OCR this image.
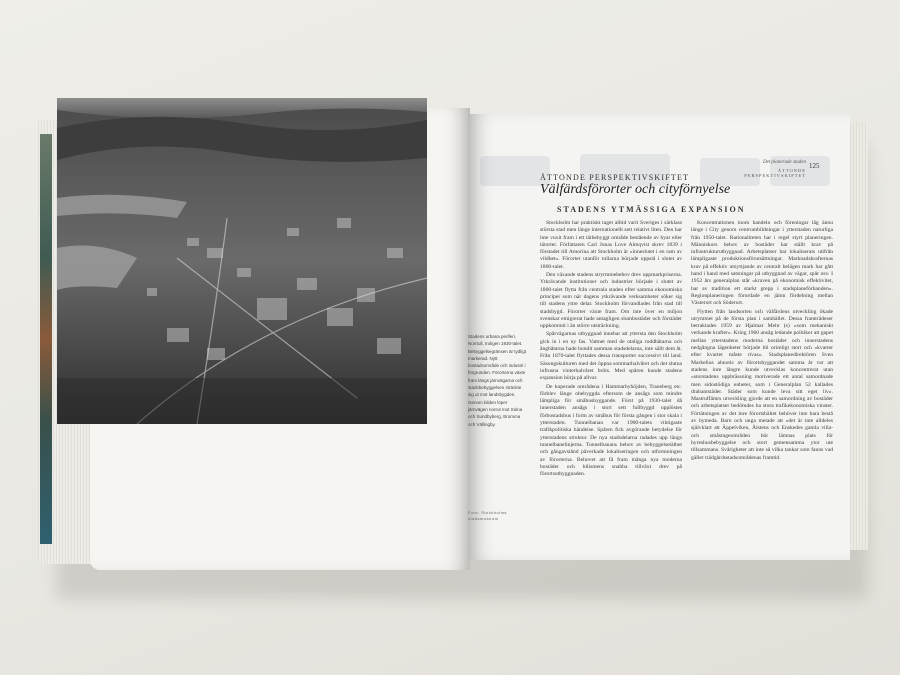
Stadens urbana periferi, Norrtull, troligen 1930-talet. Bebyggelsegränsen är tydligt markerad. Nytt bostadsområde och industri i förgrunden. Förorterna växte fram längs järnvägarna och stadsbebyggelsen sträckte sig ut mot landsbygden. Genom bilden löper järnvägen norrut mot Solna och Sundbyberg, Bromma och Vällingby.
Foto: Stockholms stadsmuseum
Det planerade staden
ÅTTONDE PERSPEKTIVSKIFTET
125
ÅTTONDE PERSPEKTIVSKIFTET
Välfärdsförorter och cityförnyelse
STADENS YTMÄSSIGA EXPANSION

Stockholm har praktiskt taget alltid varit Sveriges i särklass största stad men länge internationellt sett relativt liten. Den har inte vuxit fram i ett tätbebyggt område bestående av byar eller tätorter. Författaren Carl Jonas Love Almqvist skrev 1839 i förstadet till Amorina att Stockholm är »inneslutet i en ram av vildhet». Förorter utanför tullarna började uppstå i slutet av 1800-talet.

Den växande stadens stryrmmebehov drev uppmarkpriserna. Ytkrävande institutioner och industrier började i slutet av 1800-talet flytta från centrala staden efter samma ekonomiska principer som när dagens ytkrävande verksamheter söker sig till stadens yttre delar. Stockholm förvandlades från stad till stadsbygd. Förorter växte fram. Om inte över en miljon svenskar emigrerat hade antagligen slumbostäder och förstäder uppkommit i än större utsträckning.

Spårvägarnas utbyggnad innebar att yttersta den Stockholm gick in i en ny fas. Vattnet med de otaliga roddbåtarna och ångbåtarna hade bundit samman stadsdelarna, inte sällt dem åt. Från 1870-talet flyttades dessa transporter successivt till land. Säsongskulturen med det öppna sommarhalvåret och det slutna infrusna vinterhalvåret bröts. Med spåren kunde stadens expansion börja på allvar.

De kuperade områdena i Hammarbyhöjden, Traneberg etc. förblev länge obebyggda eftersom de ansågs som mindre lämpliga för småhusbyggande. Först på 1930-talet då innerstaden ansågs i stort sett fullbyggd upplöstes förbostadsbus i form av småhus för första gången i stor skala i ytterstaden. Tunnelbanan var 1900-talets viktigaste trafikpolitiska händelse. Spåren fick avgörande betydelse för ytterstadens struktur. De nya stadsdelarna radades upp längs tunnelbanelinjerna. Tunnelbanans behov av bebyggelsetäthet och gångavstånd påverkade lokaliseringen och utformningen av förorterna. Behovet att få fram många nya moderna bostäder och bilismens snabba tillväxt drev på förortsutbyggnaden.

Koncentrationen inom handeln och föreningar låg ännu länge i City genom centrumbildningar i ytterstaden naturliga från 1950-talet. Rationaliteten har i regel styrt planeringen. Människors behov av bostäder har ställt krav på infrastrukturutbyggnad. Arbetsplatser har lokaliserats utifrån lämpligaste produktionsförutsättningar. Marknadskrafternas krav på effektiv utnyttjande av centralt belägen mark har gått hand i hand med satsningar på utbyggnad av vägar, spår osv. I 1952 års generalplan står »kraven på ekonomisk effektivitet, har av tradition ett starkt grepp i stadsplaneförbanden». Regionplaneringen förordade en jämn fördelning mellan Västerort och Söderort.

Flytten från landsorten och välfärdens utveckling ökade utrymmet på de första plan i samhället. Dessa framträdeser betraktades 1959 av Hjalmar Mehr (s) »som mekaniskt verkande krafter». Kring 1960 ansåg ledande politiker att gapet mellan ytterstadens moderna bostäder och innerstadens nedgångna lägenheter började bli orimligt stort och »kvarter efter kvarter måste rivas». Stadsplanedirektören Sven Markelius ahnotis av förortsbyggandet samma år var att stadens inre längre kunde utvecklas koncentrerat utan »storstadens uppbrässning motiverade ett antal samordnade men sidostödiga enheter, som i Generalplan 52 kallades drabantstäder. Städer som kunde leva sitt eget liv». Mastruffämrs utveckling gjorde att en samordning av bostäder och arbetsplatser bedömdes ha stora trafikekonomiska vinster. Förtätningen av det inre förortsbältet behöver inte bara bestå av bymeda. Barn och unga metade att »det är inte alldeles självklart att Äppelviken, Ålstens och Enskedes gamla villa- och småstugeområden bör lämnas plats för hyreshusbebyggelse och stort gemensamma ytor ute tillsammans. Svårigheter att inte så vilka tankar som fanns vad gäller trädgårdsstadsområdenas framtid.
